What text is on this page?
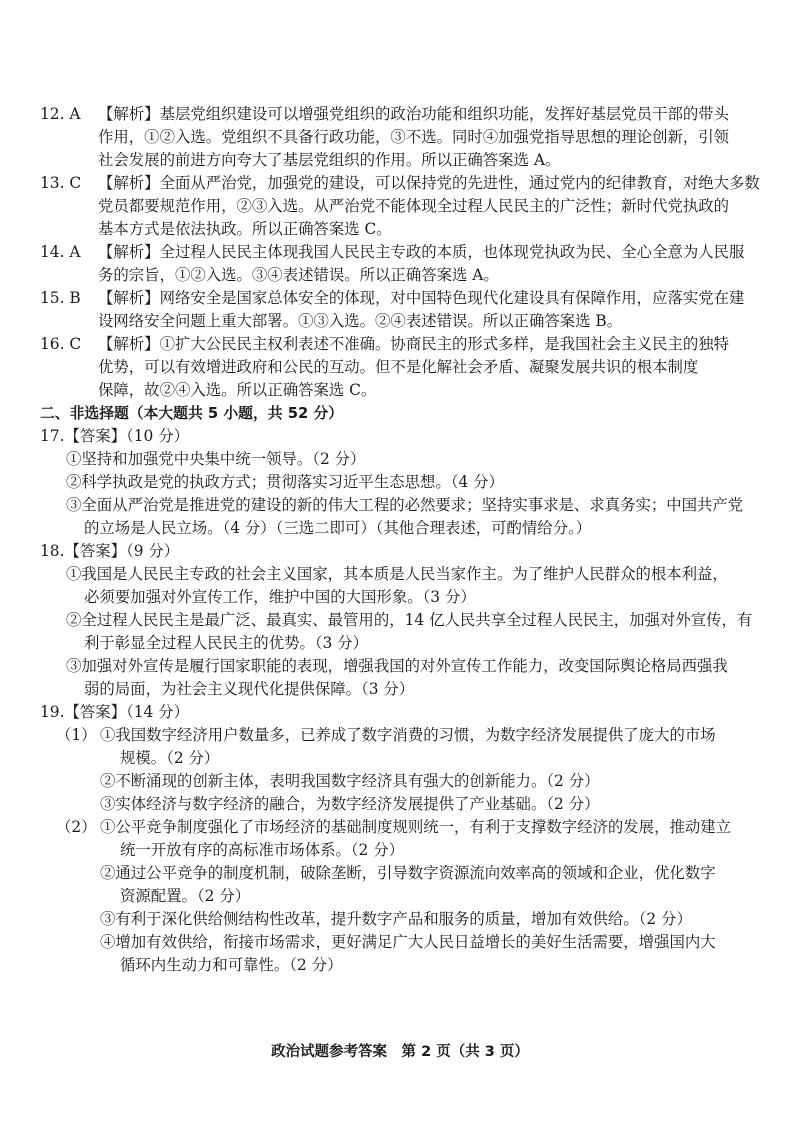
12. A	【解析】基层党组织建设可以增强党组织的政治功能和组织功能，发挥好基层党员干部的带头
作用，①②入选。党组织不具备行政功能，③不选。同时④加强党指导思想的理论创新，引领
社会发展的前进方向夸大了基层党组织的作用。所以正确答案选 A。
13. C	【解析】全面从严治党，加强党的建设，可以保持党的先进性，通过党内的纪律教育，对绝大多数
党员都要规范作用，②③入选。从严治党不能体现全过程人民民主的广泛性；新时代党执政的
基本方式是依法执政。所以正确答案选 C。
14. A	【解析】全过程人民民主体现我国人民民主专政的本质，也体现党执政为民、全心全意为人民服
务的宗旨，①②入选。③④表述错误。所以正确答案选 A。
15. B	【解析】网络安全是国家总体安全的体现，对中国特色现代化建设具有保障作用，应落实党在建
设网络安全问题上重大部署。①③入选。②④表述错误。所以正确答案选 B。
16. C	【解析】①扩大公民民主权利表述不准确。协商民主的形式多样，是我国社会主义民主的独特
优势，可以有效增进政府和公民的互动。但不是化解社会矛盾、凝聚发展共识的根本制度
保障，故②④入选。所以正确答案选 C。
二、非选择题（本大题共 5 小题，共 52 分）
17.【答案】（10 分）
①坚持和加强党中央集中统一领导。（2 分）
②科学执政是党的执政方式；贯彻落实习近平生态思想。（4 分）
③全面从严治党是推进党的建设的新的伟大工程的必然要求；坚持实事求是、求真务实；中国共产党
的立场是人民立场。（4 分）（三选二即可）（其他合理表述，可酌情给分。）
18.【答案】（9 分）
①我国是人民民主专政的社会主义国家，其本质是人民当家作主。为了维护人民群众的根本利益，
必须要加强对外宣传工作，维护中国的大国形象。（3 分）
②全过程人民民主是最广泛、最真实、最管用的，14 亿人民共享全过程人民民主，加强对外宣传，有
利于彰显全过程人民民主的优势。（3 分）
③加强对外宣传是履行国家职能的表现，增强我国的对外宣传工作能力，改变国际舆论格局西强我
弱的局面，为社会主义现代化提供保障。（3 分）
19.【答案】（14 分）
（1） ①我国数字经济用户数量多，已养成了数字消费的习惯，为数字经济发展提供了庞大的市场
规模。（2 分）
②不断涌现的创新主体，表明我国数字经济具有强大的创新能力。（2 分）
③实体经济与数字经济的融合，为数字经济发展提供了产业基础。（2 分）
（2） ①公平竞争制度强化了市场经济的基础制度规则统一，有利于支撑数字经济的发展，推动建立
统一开放有序的高标准市场体系。（2 分）
②通过公平竞争的制度机制，破除垄断，引导数字资源流向效率高的领域和企业，优化数字
资源配置。（2 分）
③有利于深化供给侧结构性改革，提升数字产品和服务的质量，增加有效供给。（2 分）
④增加有效供给，衔接市场需求，更好满足广大人民日益增长的美好生活需要，增强国内大
循环内生动力和可靠性。（2 分）
政治试题参考答案　第 2 页（共 3 页）
